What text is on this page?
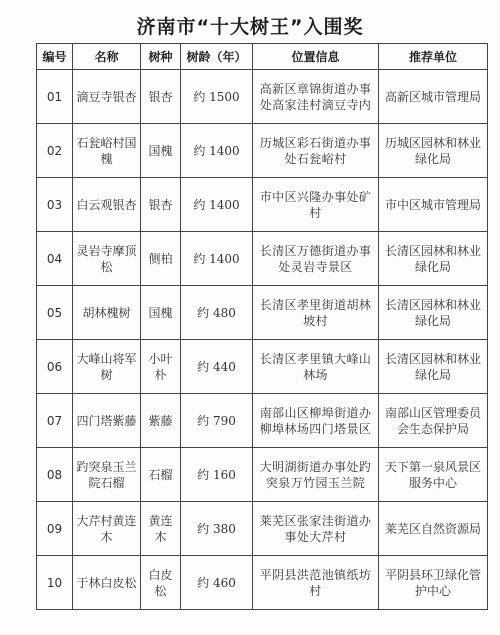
济南市“十大树王”入围奖
编号	名称	树种	树龄（年）	位置信息	推荐单位
01	滴豆寺银杏	银杏	约 1500	高新区章锦街道办事处高家洼村滴豆寺内	高新区城市管理局
02	石瓮峪村国槐	国槐	约 1400	历城区彩石街道办事处石瓮峪村	历城区园林和林业绿化局
03	白云观银杏	银杏	约 1400	市中区兴隆办事处矿村	市中区城市管理局
04	灵岩寺摩顶松	侧柏	约 1400	长清区万德街道办事处灵岩寺景区	长清区园林和林业绿化局
05	胡林槐树	国槐	约 480	长清区孝里街道胡林坡村	长清区园林和林业绿化局
06	大峰山将军树	小叶朴	约 440	长清区孝里镇大峰山林场	长清区园林和林业绿化局
07	四门塔紫藤	紫藤	约 790	南部山区柳埠街道办柳埠林场四门塔景区	南部山区管理委员会生态保护局
08	趵突泉玉兰院石榴	石榴	约 160	大明湖街道办事处趵突泉万竹园玉兰院	天下第一泉风景区服务中心
09	大芹村黄连木	黄连木	约 380	莱芜区张家洼街道办事处大芹村	莱芜区自然资源局
10	于林白皮松	白皮松	约 460	平阴县洪范池镇纸坊村	平阴县环卫绿化管护中心
